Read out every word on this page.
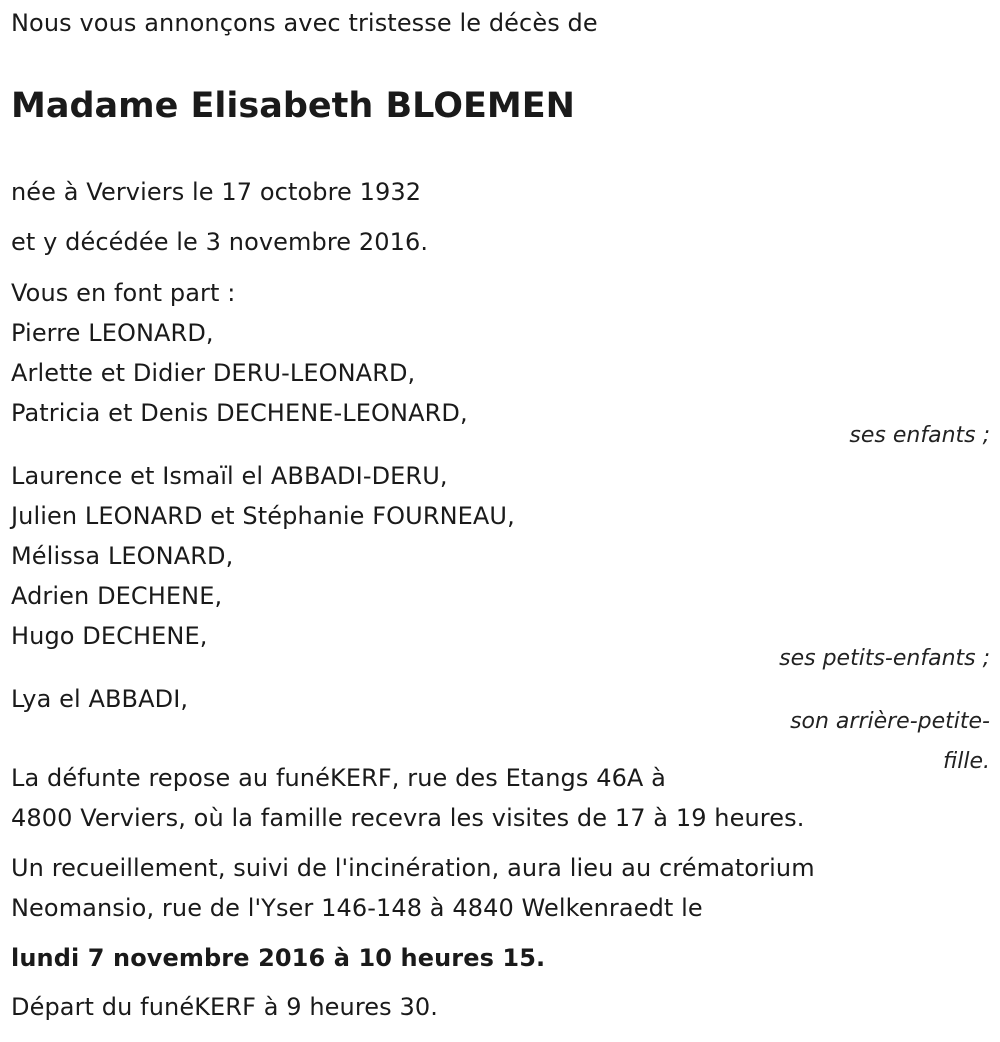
Nous vous annonçons avec tristesse le décès de
Madame Elisabeth BLOEMEN
née à Verviers le 17 octobre 1932
et y décédée le 3 novembre 2016.
Vous en font part :
Pierre LEONARD,
Arlette et Didier DERU-LEONARD,
Patricia et Denis DECHENE-LEONARD,
ses enfants ;
Laurence et Ismaïl el ABBADI-DERU,
Julien LEONARD et Stéphanie FOURNEAU,
Mélissa LEONARD,
Adrien DECHENE,
Hugo DECHENE,
ses petits-enfants ;
Lya el ABBADI,
son arrière-petite-
fille.
La défunte repose au funéKERF, rue des Etangs 46A à
4800 Verviers, où la famille recevra les visites de 17 à 19 heures.
Un recueillement, suivi de l'incinération, aura lieu au crématorium
Neomansio, rue de l'Yser 146-148 à 4840 Welkenraedt le
lundi 7 novembre 2016 à 10 heures 15.
Départ du funéKERF à 9 heures 30.
